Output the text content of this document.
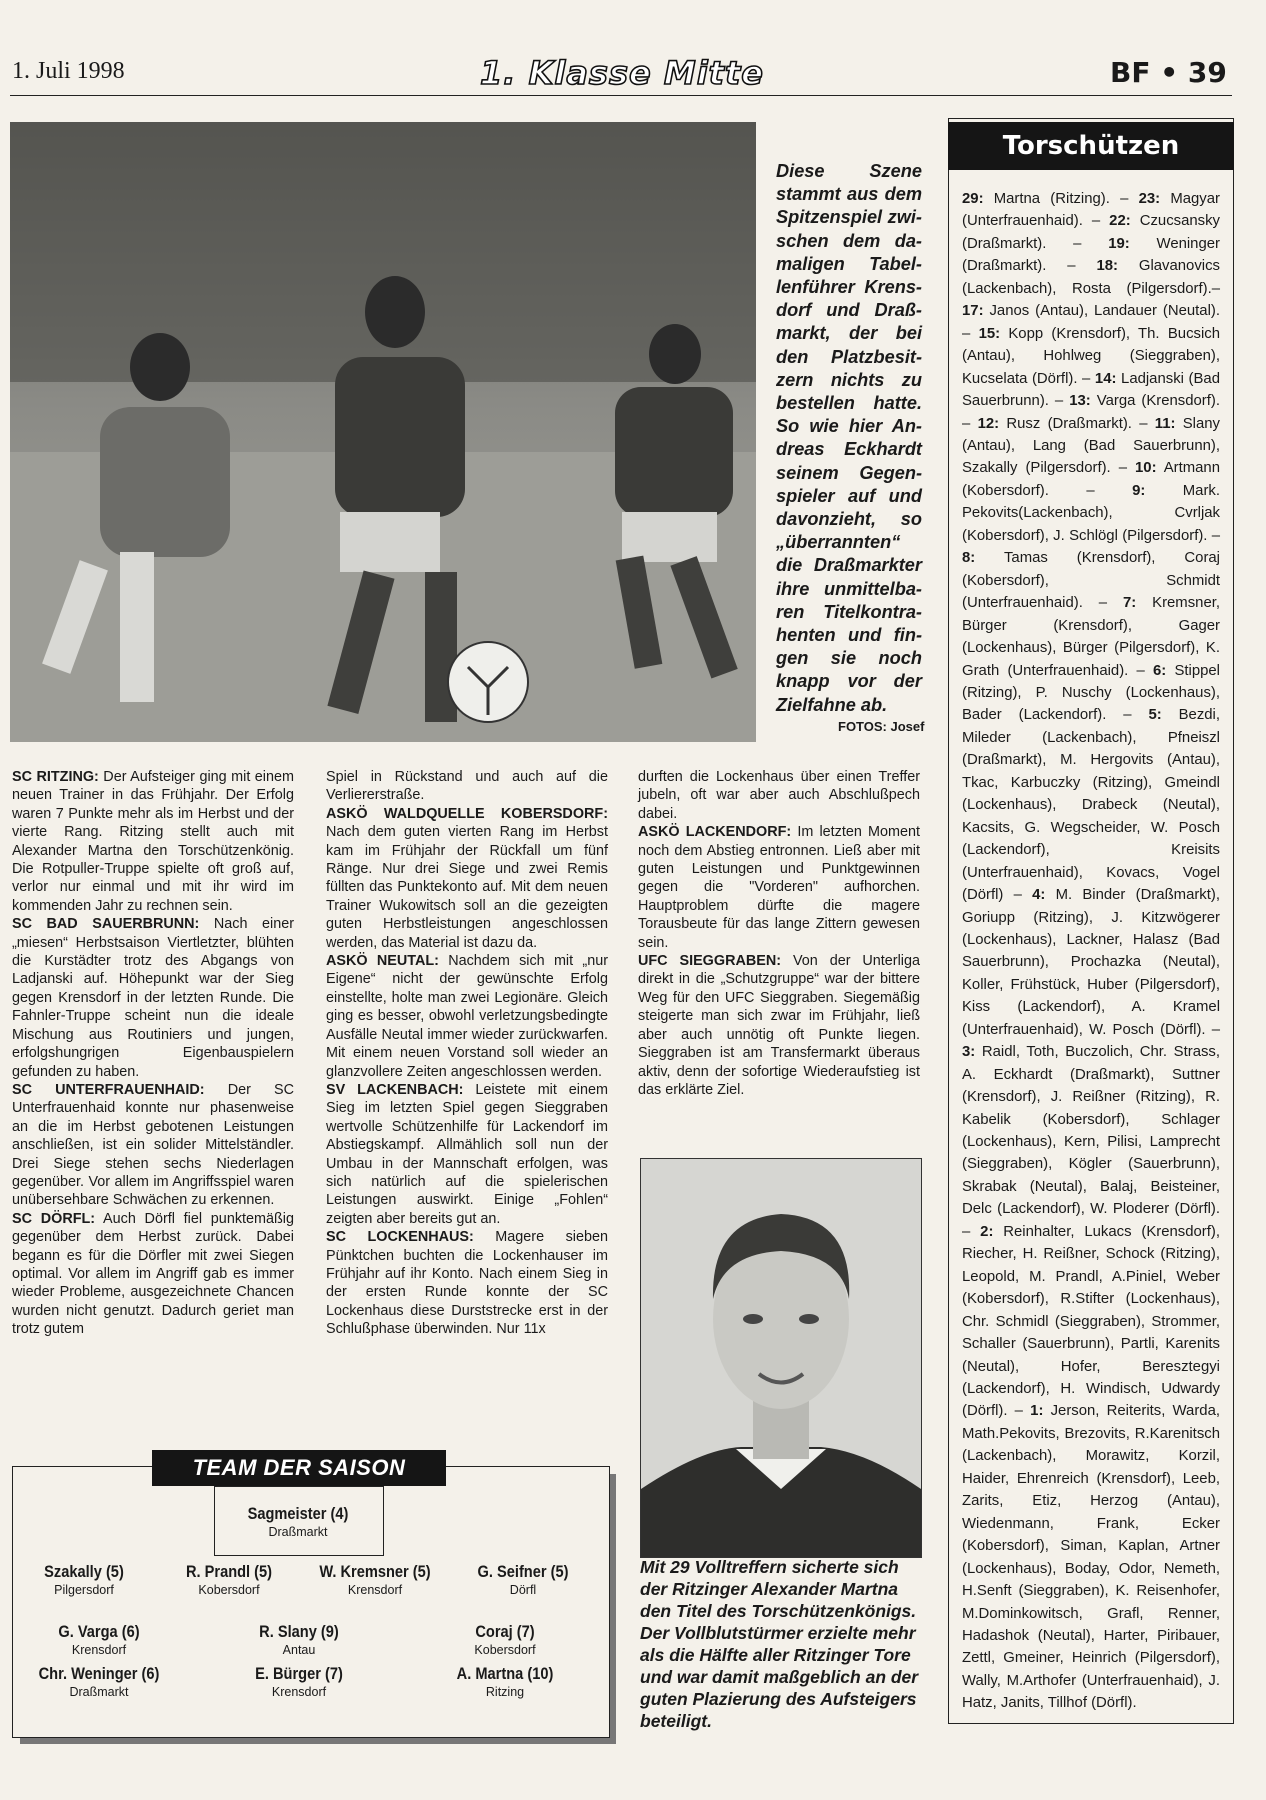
1. Juli 1998	1. Klasse Mitte	BF • 39
Diese Szene
stammt aus dem
Spitzenspiel zwi-
schen dem da-
maligen Tabel-
lenführer Krens-
dorf und Draß-
markt, der bei
den Platzbesit-
zern nichts zu
bestellen hatte.
So wie hier An-
dreas Eckhardt
seinem Gegen-
spieler auf und
davonzieht, so
„überrannten“
die Draßmarkter
ihre unmittelba-
ren Titelkontra-
henten und fin-
gen sie noch
knapp vor der
Zielfahne ab.
FOTOS: Josef

SC RITZING: Der Aufsteiger ging mit einem neuen Trainer in das Frühjahr. Der Erfolg waren 7 Punkte mehr als im Herbst und der vierte Rang. Ritzing stellt auch mit Alexander Martna den Torschützenkönig. Die Rotpuller-Truppe spielte oft groß auf, verlor nur einmal und mit ihr wird im kommenden Jahr zu rechnen sein.
SC BAD SAUERBRUNN: Nach einer „miesen“ Herbstsaison Viertletzter, blühten die Kurstädter trotz des Abgangs von Ladjanski auf. Höhepunkt war der Sieg gegen Krensdorf in der letzten Runde. Die Fahnler-Truppe scheint nun die ideale Mischung aus Routiniers und jungen, erfolgshungrigen Eigenbauspielern gefunden zu haben.
SC UNTERFRAUENHAID: Der SC Unterfrauenhaid konnte nur phasenweise an die im Herbst gebotenen Leistungen anschließen, ist ein solider Mittelständler. Drei Siege stehen sechs Niederlagen gegenüber. Vor allem im Angriffsspiel waren unübersehbare Schwächen zu erkennen.
SC DÖRFL: Auch Dörfl fiel punktemäßig gegenüber dem Herbst zurück. Dabei begann es für die Dörfler mit zwei Siegen optimal. Vor allem im Angriff gab es immer wieder Probleme, ausgezeichnete Chancen wurden nicht genutzt. Dadurch geriet man trotz gutem

Spiel in Rückstand und auch auf die Verliererstraße.
ASKÖ WALDQUELLE KOBERSDORF: Nach dem guten vierten Rang im Herbst kam im Frühjahr der Rückfall um fünf Ränge. Nur drei Siege und zwei Remis füllten das Punktekonto auf. Mit dem neuen Trainer Wukowitsch soll an die gezeigten guten Herbstleistungen angeschlossen werden, das Material ist dazu da.
ASKÖ NEUTAL: Nachdem sich mit „nur Eigene“ nicht der gewünschte Erfolg einstellte, holte man zwei Legionäre. Gleich ging es besser, obwohl verletzungsbedingte Ausfälle Neutal immer wieder zurückwarfen. Mit einem neuen Vorstand soll wieder an glanzvollere Zeiten angeschlossen werden.
SV LACKENBACH: Leistete mit einem Sieg im letzten Spiel gegen Sieggraben wertvolle Schützenhilfe für Lackendorf im Abstiegskampf. Allmählich soll nun der Umbau in der Mannschaft erfolgen, was sich natürlich auf die spielerischen Leistungen auswirkt. Einige „Fohlen“ zeigten aber bereits gut an.
SC LOCKENHAUS: Magere sieben Pünktchen buchten die Lockenhauser im Frühjahr auf ihr Konto. Nach einem Sieg in der ersten Runde konnte der SC Lockenhaus diese Durststrecke erst in der Schlußphase überwinden. Nur 11x

durften die Lockenhaus über einen Treffer jubeln, oft war aber auch Abschlußpech dabei.
ASKÖ LACKENDORF: Im letzten Moment noch dem Abstieg entronnen. Ließ aber mit guten Leistungen und Punktgewinnen gegen die "Vorderen" aufhorchen. Hauptproblem dürfte die magere Torausbeute für das lange Zittern gewesen sein.
UFC SIEGGRABEN: Von der Unterliga direkt in die „Schutzgruppe“ war der bittere Weg für den UFC Sieggraben. Siegemäßig steigerte man sich zwar im Frühjahr, ließ aber auch unnötig oft Punkte liegen. Sieggraben ist am Transfermarkt überaus aktiv, denn der sofortige Wiederaufstieg ist das erklärte Ziel.

Mit 29 Volltreffern sicherte sich der Ritzinger Alexander Martna den Titel des Torschützenkönigs. Der Vollblutstürmer erzielte mehr als die Hälfte aller Ritzinger Tore und war damit maßgeblich an der guten Plazierung des Aufsteigers beteiligt.
TEAM DER SAISON
Sagmeister (4)
Draßmarkt
Szakally (5)
Pilgersdorf
R. Prandl (5)
Kobersdorf
W. Kremsner (5)
Krensdorf
G. Seifner (5)
Dörfl
G. Varga (6)
Krensdorf
R. Slany (9)
Antau
Coraj (7)
Kobersdorf
Chr. Weninger (6)
Draßmarkt
E. Bürger (7)
Krensdorf
A. Martna (10)
Ritzing
Torschützen
29: Martna (Ritzing). – 23: Magyar (Unterfrauenhaid). – 22: Czucsansky (Draßmarkt). – 19: Weninger (Draßmarkt). – 18: Glavanovics (Lackenbach), Rosta (Pilgersdorf).– 17: Janos (Antau), Landauer (Neutal). – 15: Kopp (Krensdorf), Th. Bucsich (Antau), Hohlweg (Sieggraben), Kucselata (Dörfl). – 14: Ladjanski (Bad Sauerbrunn). – 13: Varga (Krensdorf). – 12: Rusz (Draßmarkt). – 11: Slany (Antau), Lang (Bad Sauerbrunn), Szakally (Pilgersdorf). – 10: Artmann (Kobersdorf). – 9: Mark. Pekovits(Lackenbach), Cvrljak (Kobersdorf), J. Schlögl (Pilgersdorf). – 8: Tamas (Krensdorf), Coraj (Kobersdorf), Schmidt (Unterfrauenhaid). – 7: Kremsner, Bürger (Krensdorf), Gager (Lockenhaus), Bürger (Pilgersdorf), K. Grath (Unterfrauenhaid). – 6: Stippel (Ritzing), P. Nuschy (Lockenhaus), Bader (Lackendorf). – 5: Bezdi, Mileder (Lackenbach), Pfneiszl (Draßmarkt), M. Hergovits (Antau), Tkac, Karbuczky (Ritzing), Gmeindl (Lockenhaus), Drabeck (Neutal), Kacsits, G. Wegscheider, W. Posch (Lackendorf), Kreisits (Unterfrauenhaid), Kovacs, Vogel (Dörfl) – 4: M. Binder (Draßmarkt), Goriupp (Ritzing), J. Kitzwögerer (Lockenhaus), Lackner, Halasz (Bad Sauerbrunn), Prochazka (Neutal), Koller, Frühstück, Huber (Pilgersdorf), Kiss (Lackendorf), A. Kramel (Unterfrauenhaid), W. Posch (Dörfl). – 3: Raidl, Toth, Buczolich, Chr. Strass, A. Eckhardt (Draßmarkt), Suttner (Krensdorf), J. Reißner (Ritzing), R. Kabelik (Kobersdorf), Schlager (Lockenhaus), Kern, Pilisi, Lamprecht (Sieggraben), Kögler (Sauerbrunn), Skrabak (Neutal), Balaj, Beisteiner, Delc (Lackendorf), W. Ploderer (Dörfl). – 2: Reinhalter, Lukacs (Krensdorf), Riecher, H. Reißner, Schock (Ritzing), Leopold, M. Prandl, A.Piniel, Weber (Kobersdorf), R.Stifter (Lockenhaus), Chr. Schmidl (Sieggraben), Strommer, Schaller (Sauerbrunn), Partli, Karenits (Neutal), Hofer, Beresztegyi (Lackendorf), H. Windisch, Udwardy (Dörfl). – 1: Jerson, Reiterits, Warda, Math.Pekovits, Brezovits, R.Karenitsch (Lackenbach), Morawitz, Korzil, Haider, Ehrenreich (Krensdorf), Leeb, Zarits, Etiz, Herzog (Antau), Wiedenmann, Frank, Ecker (Kobersdorf), Siman, Kaplan, Artner (Lockenhaus), Boday, Odor, Nemeth, H.Senft (Sieggraben), K. Reisenhofer, M.Dominkowitsch, Grafl, Renner, Hadashok (Neutal), Harter, Piribauer, Zettl, Gmeiner, Heinrich (Pilgersdorf), Wally, M.Arthofer (Unterfrauenhaid), J. Hatz, Janits, Tillhof (Dörfl).
